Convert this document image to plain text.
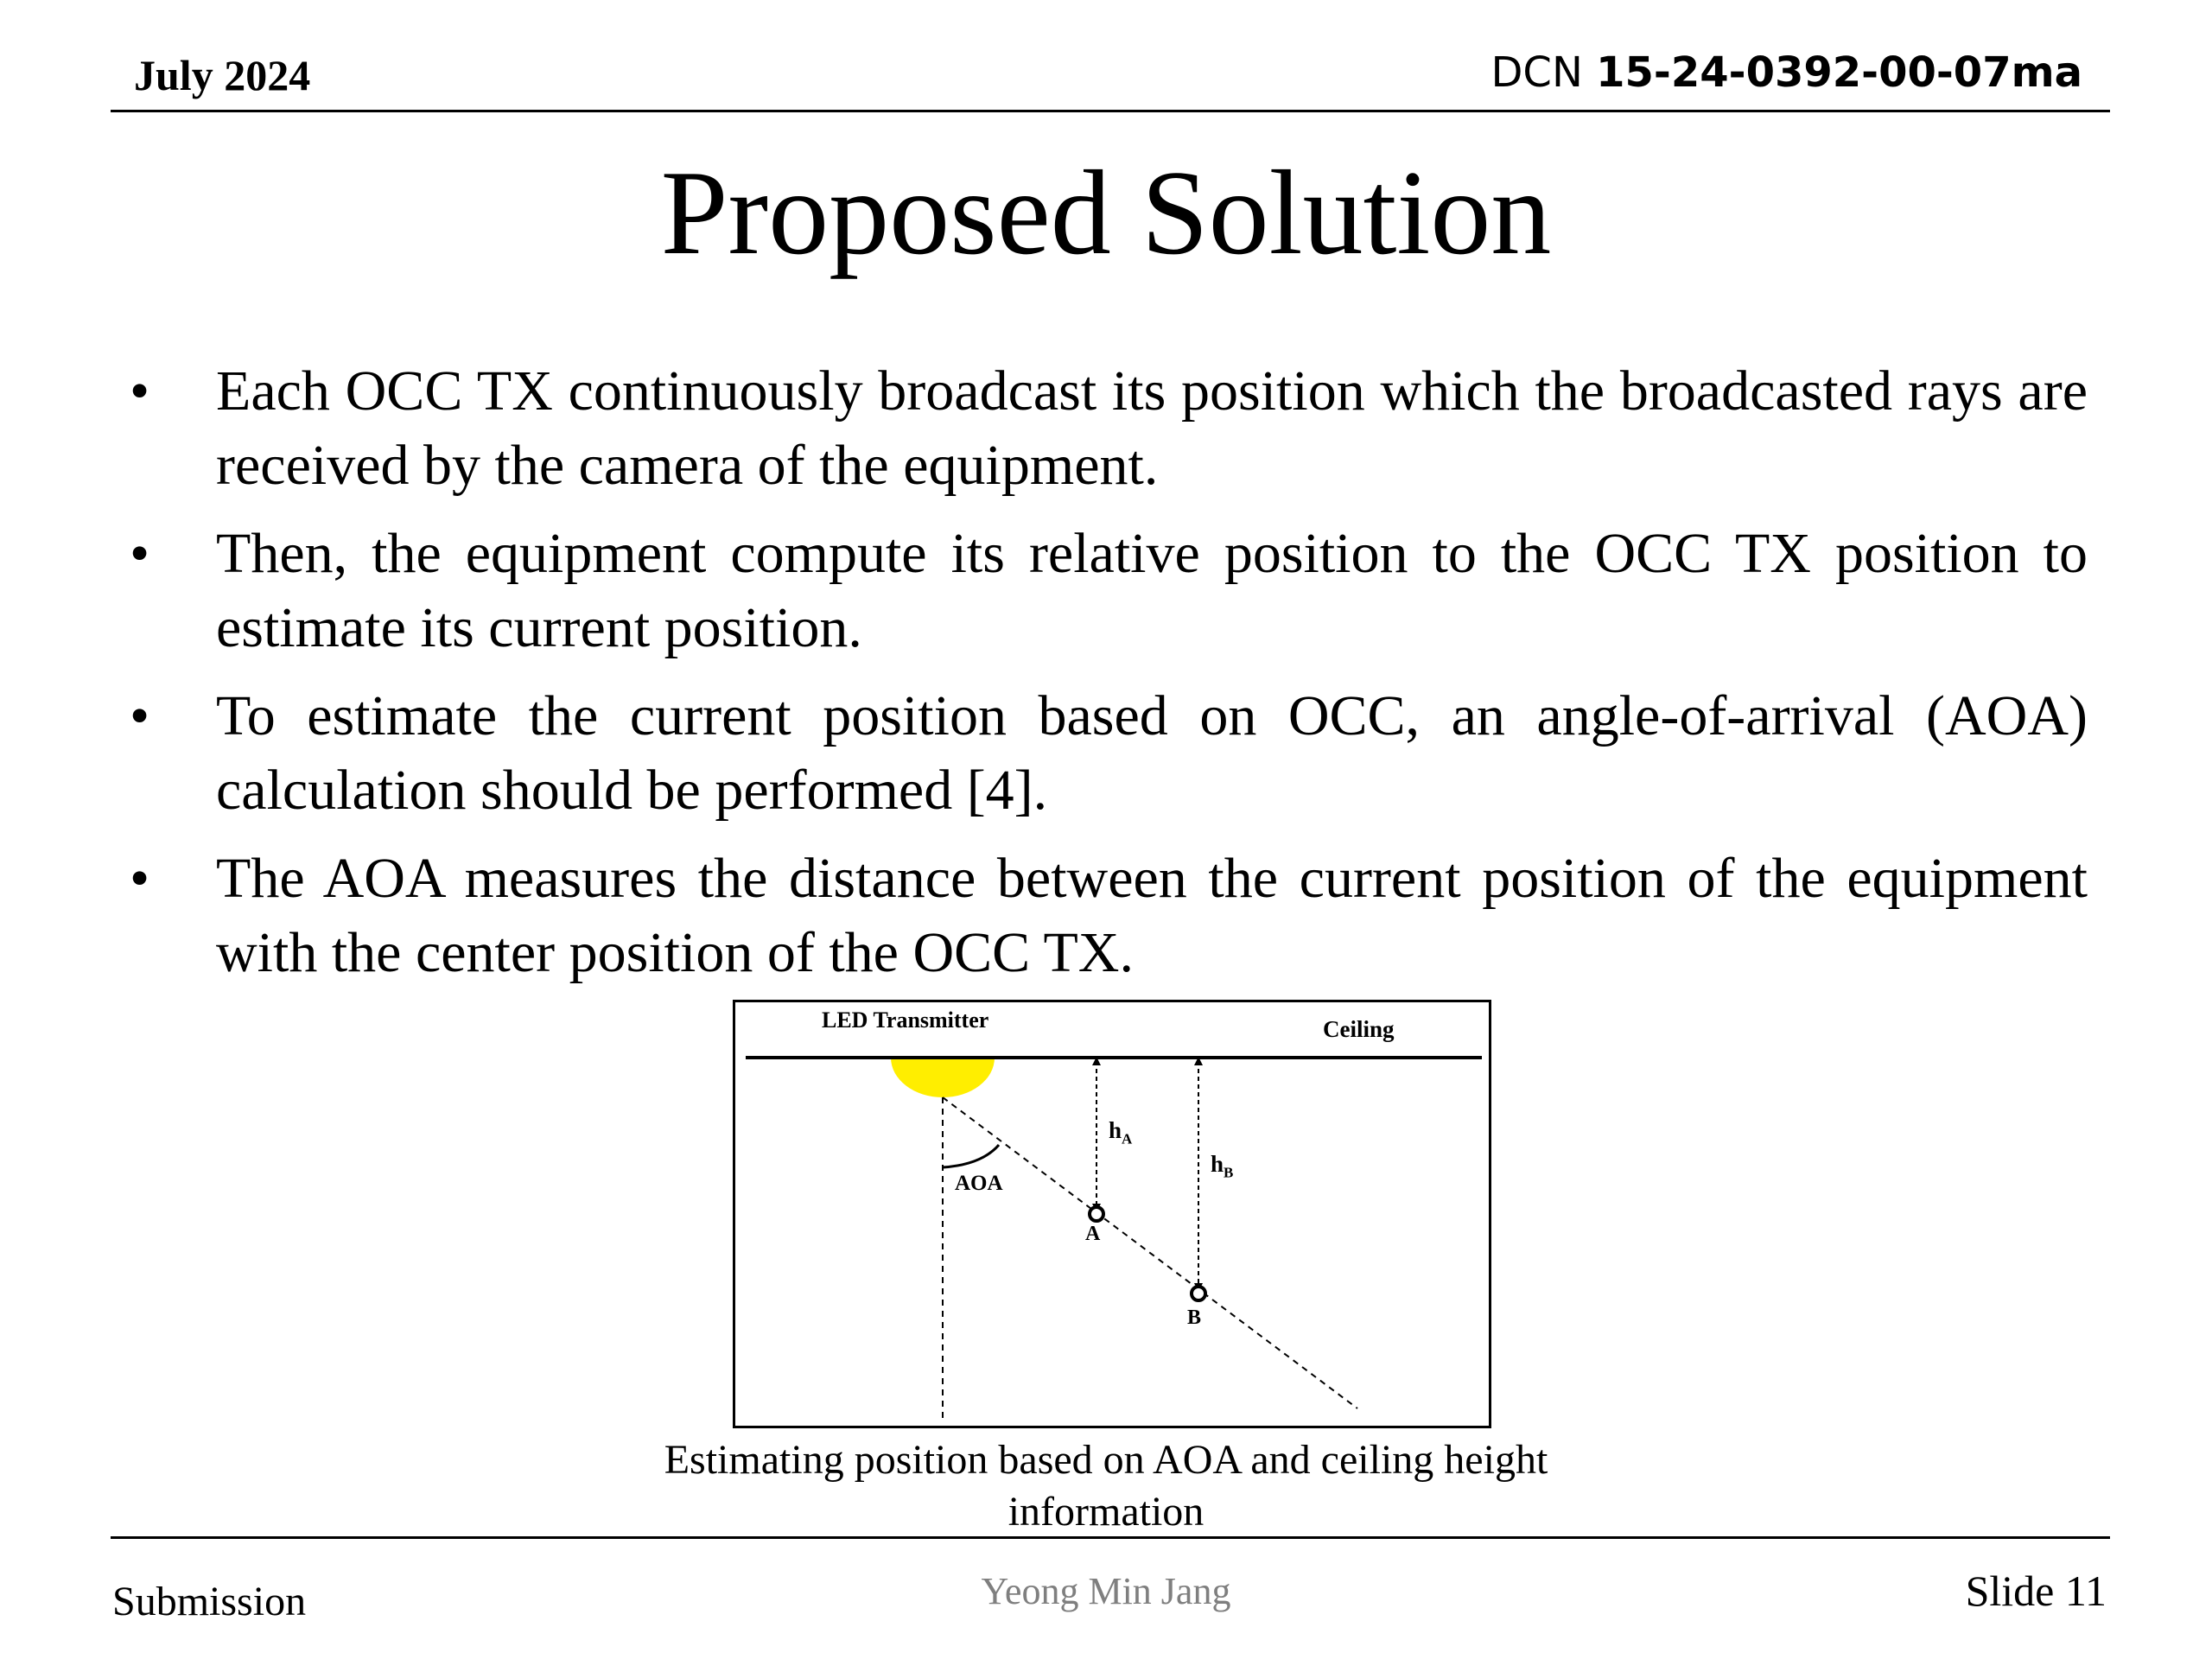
July 2024	DCN 15-24-0392-00-07ma
Proposed Solution
• Each OCC TX continuously broadcast its position which the broadcasted rays are received by the camera of the equipment.
• Then, the equipment compute its relative position to the OCC TX position to estimate its current position.
• To estimate the current position based on OCC, an angle-of-arrival (AOA) calculation should be performed [4].
• The AOA measures the distance between the current position of the equipment with the center position of the OCC TX.
LED Transmitter	Ceiling
AOA
$h_A$
$h_B$
A
B
Estimating position based on AOA and ceiling height information
Submission	Yeong Min Jang	Slide 11
